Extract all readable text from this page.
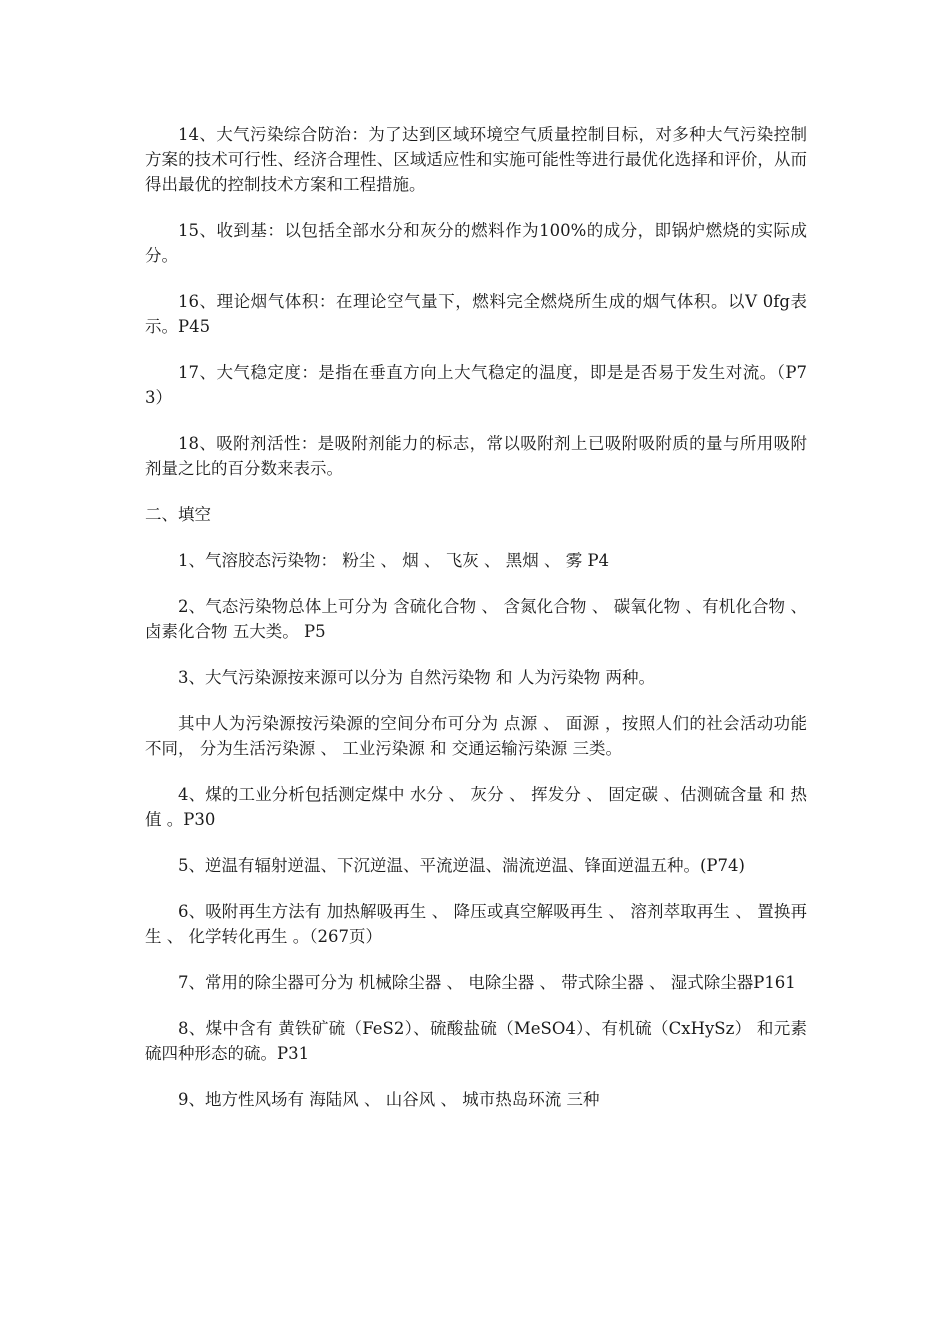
14、大气污染综合防治：为了达到区域环境空气质量控制目标，对多种大气污染控制方案的技术可行性、经济合理性、区域适应性和实施可能性等进行最优化选择和评价，从而得出最优的控制技术方案和工程措施。

15、收到基：以包括全部水分和灰分的燃料作为100%的成分，即锅炉燃烧的实际成分。

16、理论烟气体积：在理论空气量下，燃料完全燃烧所生成的烟气体积。以V 0fg表示。P45

17、大气稳定度：是指在垂直方向上大气稳定的温度，即是是否易于发生对流。（P73）

18、吸附剂活性：是吸附剂能力的标志，常以吸附剂上已吸附吸附质的量与所用吸附剂量之比的百分数来表示。

二、填空

1、气溶胶态污染物： 粉尘 、 烟 、 飞灰 、 黑烟 、 雾 P4

2、气态污染物总体上可分为 含硫化合物 、 含氮化合物 、 碳氧化物 、有机化合物 、 卤素化合物 五大类。 P5

3、大气污染源按来源可以分为 自然污染物 和 人为污染物 两种。

其中人为污染源按污染源的空间分布可分为 点源 、 面源 ，按照人们的社会活动功能不同， 分为生活污染源 、 工业污染源 和 交通运输污染源 三类。

4、煤的工业分析包括测定煤中 水分 、 灰分 、 挥发分 、 固定碳 、估测硫含量 和 热值 。P30

5、逆温有辐射逆温、下沉逆温、平流逆温、湍流逆温、锋面逆温五种。(P74)

6、吸附再生方法有 加热解吸再生 、 降压或真空解吸再生 、 溶剂萃取再生 、 置换再生 、 化学转化再生 。（267页）

7、常用的除尘器可分为 机械除尘器 、 电除尘器 、 带式除尘器 、 湿式除尘器P161

8、煤中含有 黄铁矿硫（FeS2）、硫酸盐硫（MeSO4）、有机硫（CxHySz） 和元素硫四种形态的硫。P31

9、地方性风场有 海陆风 、 山谷风 、 城市热岛环流 三种
